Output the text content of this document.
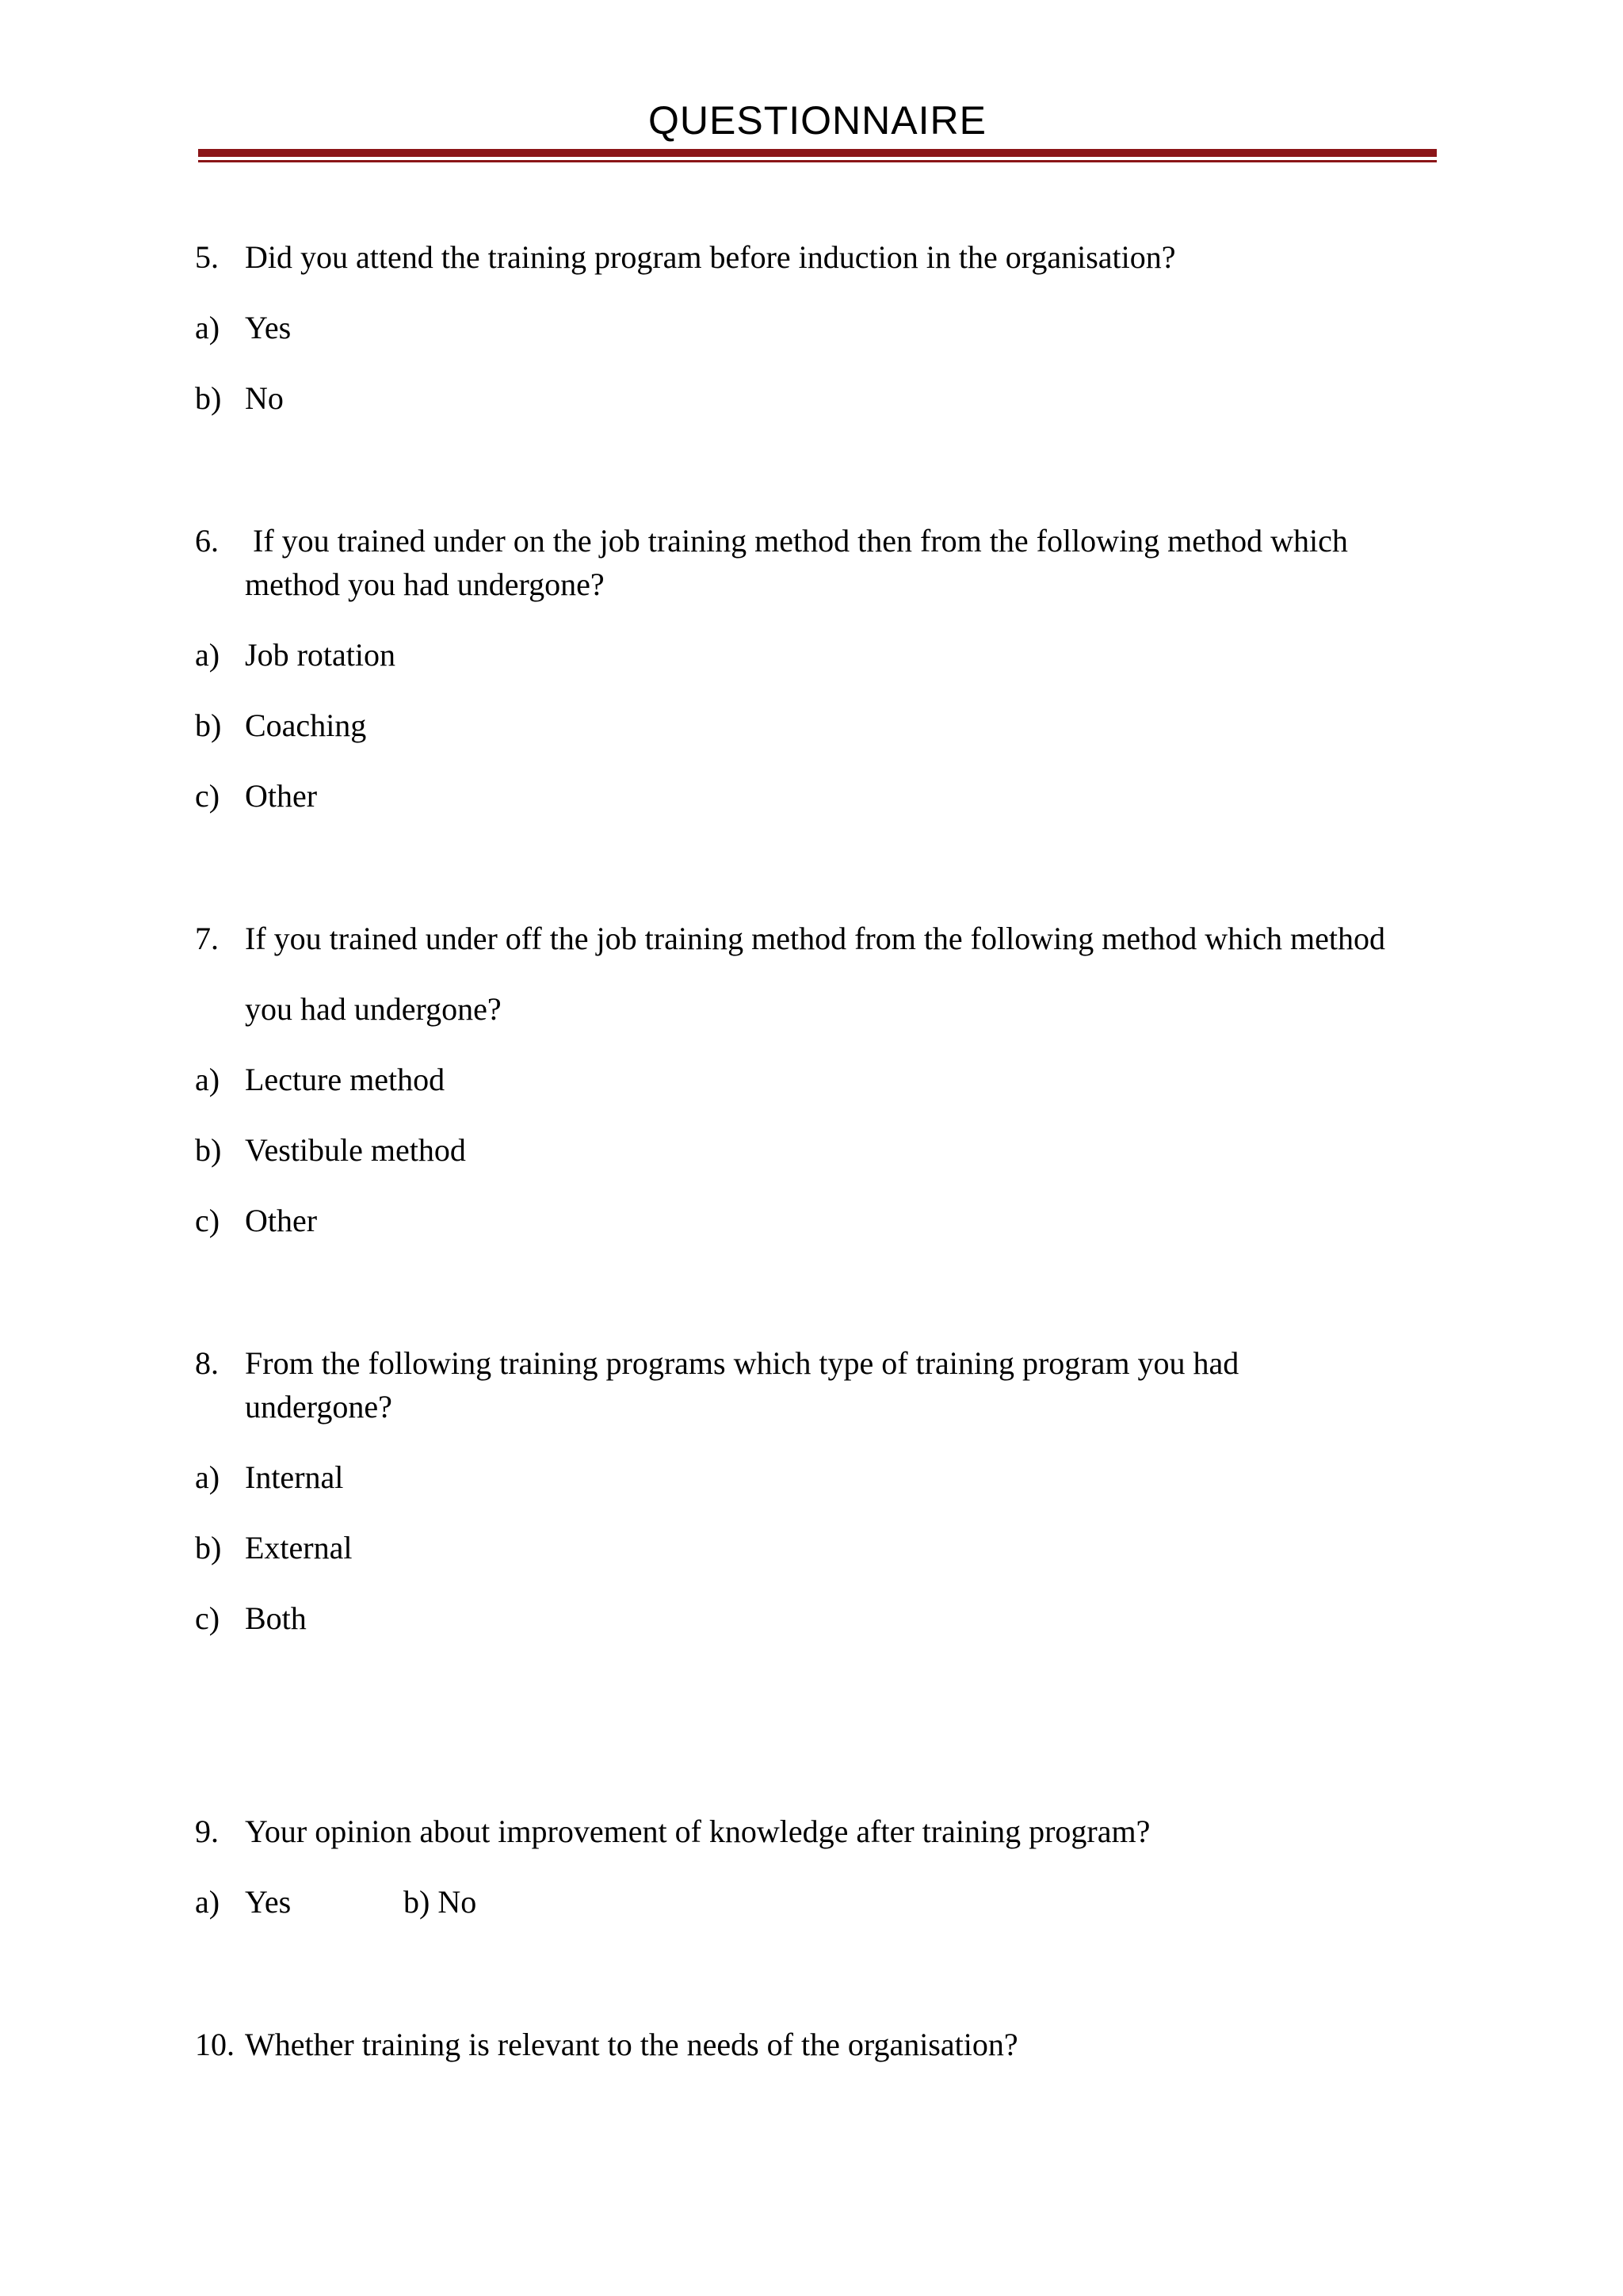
QUESTIONNAIRE
5. Did you attend the training program before induction in the organisation?
a) Yes
b) No
6. If you trained under on the job training method then from the following method which
method you had undergone?
a) Job rotation
b) Coaching
c) Other
7. If you trained under off the job training method from the following method which method
you had undergone?
a) Lecture method
b) Vestibule method
c) Other
8. From the following training programs which type of training program you had
undergone?
a) Internal
b) External
c) Both
9. Your opinion about improvement of knowledge after training program?
a) Yes	b) No
10. Whether training is relevant to the needs of the organisation?
